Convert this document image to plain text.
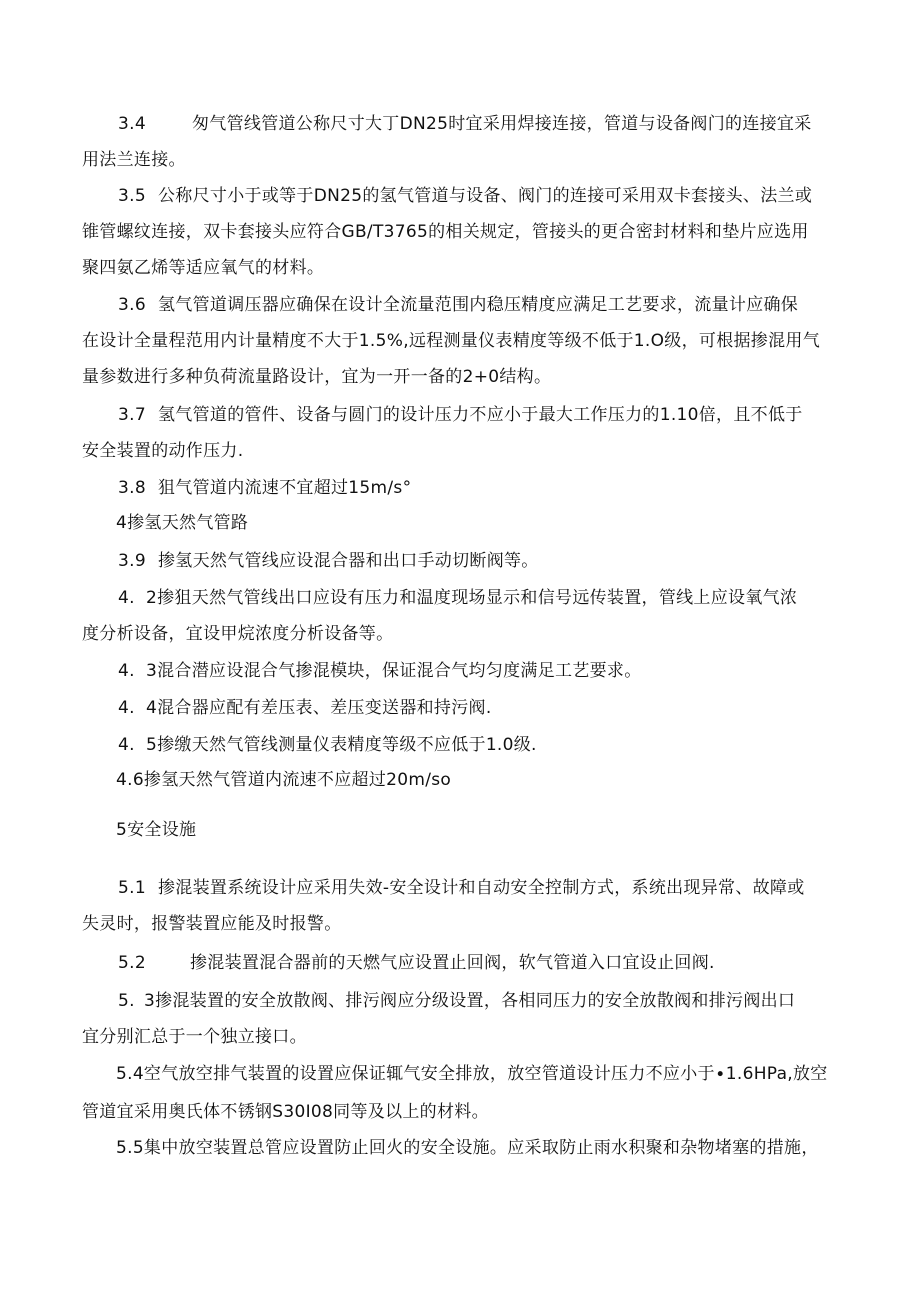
3.4	匆气管线管道公称尺寸大丁DN25时宜采用焊接连接，管道与设备阀门的连接宜采
用法兰连接。
3.5 公称尺寸小于或等于DN25的氢气管道与设备、阀门的连接可采用双卡套接头、法兰或
锥管螺纹连接，双卡套接头应符合GB/T3765的相关规定，管接头的更合密封材料和垫片应选用
聚四氨乙烯等适应氧气的材料。
3.6 氢气管道调压器应确保在设计全流量范围内稳压精度应满足工艺要求，流量计应确保
在设计全量程范用内计量精度不大于1.5%,远程测量仪表精度等级不低于1.O级，可根据掺混用气
量参数进行多种负荷流量路设计，宜为一开一备的2+0结构。
3.7 氢气管道的管件、设备与圆门的设计压力不应小于最大工作压力的1.10倍，且不低于
安全装置的动作压力.
3.8 狙气管道内流速不宜超过15m∕s°
4掺氢天然气管路
3.9 掺氢天然气管线应设混合器和出口手动切断阀等。
4. 2掺狙天然气管线出口应设有压力和温度现场显示和信号远传装置，管线上应设氧气浓
度分析设备，宜设甲烷浓度分析设备等。
4. 3混合潜应设混合气掺混模块，保证混合气均匀度满足工艺要求。
4. 4混合器应配有差压表、差压变送器和持污阀.
4. 5掺缴天然气管线测量仪表精度等级不应低于1.0级.
4.6掺氢天然气管道内流速不应超过20m∕so
5安全设施
5.1 掺混装置系统设计应采用失效-安全设计和自动安全控制方式，系统出现异常、故障或
失灵时，报警装置应能及时报警。
5.2	掺混装置混合器前的天燃气应设置止回阀，软气管道入口宜设止回阀.
5. 3掺混装置的安全放散阀、排污阀应分级设置，各相同压力的安全放散阀和排污阀出口
宜分别汇总于一个独立接口。
5.4空气放空排气装置的设置应保证辄气安全排放，放空管道设计压力不应小于∙1.6HPa,放空
管道宜采用奥氏体不锈钢S30I08同等及以上的材料。
5.5集中放空装置总管应设置防止回火的安全设施。应采取防止雨水积聚和杂物堵塞的措施，
